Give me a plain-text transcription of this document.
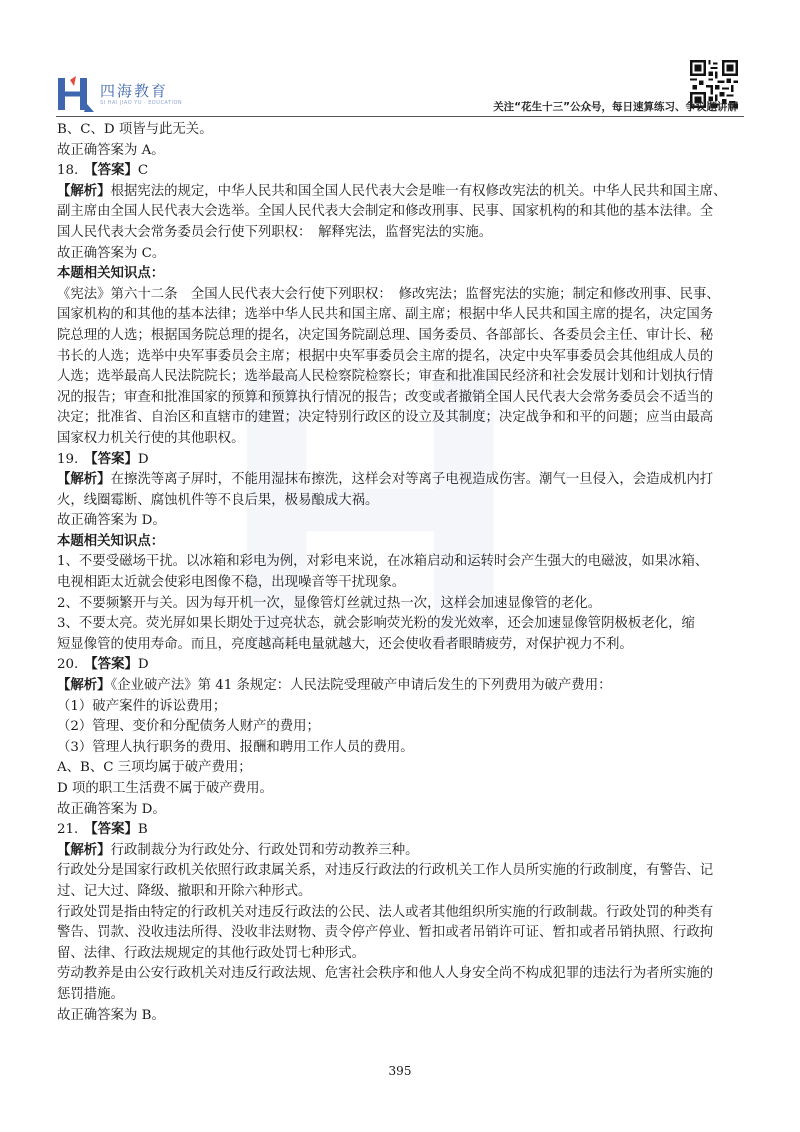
四海教育
SI HAI JIAO YU · EDUCATION	关注“花生十三”公众号，每日速算练习、争议题讲解
B、C、D 项皆与此无关。
故正确答案为 A。
18. 【答案】C
【解析】根据宪法的规定，中华人民共和国全国人民代表大会是唯一有权修改宪法的机关。中华人民共和国主席、
副主席由全国人民代表大会选举。全国人民代表大会制定和修改刑事、民事、国家机构的和其他的基本法律。全
国人民代表大会常务委员会行使下列职权：　解释宪法，监督宪法的实施。
故正确答案为 C。
本题相关知识点：
《宪法》第六十二条　全国人民代表大会行使下列职权：　修改宪法；监督宪法的实施；制定和修改刑事、民事、
国家机构的和其他的基本法律；选举中华人民共和国主席、副主席；根据中华人民共和国主席的提名，决定国务
院总理的人选；根据国务院总理的提名，决定国务院副总理、国务委员、各部部长、各委员会主任、审计长、秘
书长的人选；选举中央军事委员会主席；根据中央军事委员会主席的提名，决定中央军事委员会其他组成人员的
人选；选举最高人民法院院长；选举最高人民检察院检察长；审查和批准国民经济和社会发展计划和计划执行情
况的报告；审查和批准国家的预算和预算执行情况的报告；改变或者撤销全国人民代表大会常务委员会不适当的
决定；批准省、自治区和直辖市的建置；决定特别行政区的设立及其制度；决定战争和和平的问题；应当由最高
国家权力机关行使的其他职权。
19. 【答案】D
【解析】在擦洗等离子屏时，不能用湿抹布擦洗，这样会对等离子电视造成伤害。潮气一旦侵入，会造成机内打
火，线圈霉断、腐蚀机件等不良后果，极易酿成大祸。
故正确答案为 D。
本题相关知识点：
1、不要受磁场干扰。以冰箱和彩电为例，对彩电来说，在冰箱启动和运转时会产生强大的电磁波，如果冰箱、
电视相距太近就会使彩电图像不稳，出现噪音等干扰现象。
2、不要频繁开与关。因为每开机一次，显像管灯丝就过热一次，这样会加速显像管的老化。
3、不要太亮。荧光屏如果长期处于过亮状态，就会影响荧光粉的发光效率，还会加速显像管阴极板老化，缩
短显像管的使用寿命。而且，亮度越高耗电量就越大，还会使收看者眼睛疲劳，对保护视力不利。
20. 【答案】D
【解析】《企业破产法》第 41 条规定：人民法院受理破产申请后发生的下列费用为破产费用：
（1）破产案件的诉讼费用；
（2）管理、变价和分配债务人财产的费用；
（3）管理人执行职务的费用、报酬和聘用工作人员的费用。
A、B、C 三项均属于破产费用；
D 项的职工生活费不属于破产费用。
故正确答案为 D。
21. 【答案】B
【解析】行政制裁分为行政处分、行政处罚和劳动教养三种。
行政处分是国家行政机关依照行政隶属关系，对违反行政法的行政机关工作人员所实施的行政制度，有警告、记
过、记大过、降级、撤职和开除六种形式。
行政处罚是指由特定的行政机关对违反行政法的公民、法人或者其他组织所实施的行政制裁。行政处罚的种类有
警告、罚款、没收违法所得、没收非法财物、责令停产停业、暂扣或者吊销许可证、暂扣或者吊销执照、行政拘
留、法律、行政法规规定的其他行政处罚七种形式。
劳动教养是由公安行政机关对违反行政法规、危害社会秩序和他人人身安全尚不构成犯罪的违法行为者所实施的
惩罚措施。
故正确答案为 B。
395
